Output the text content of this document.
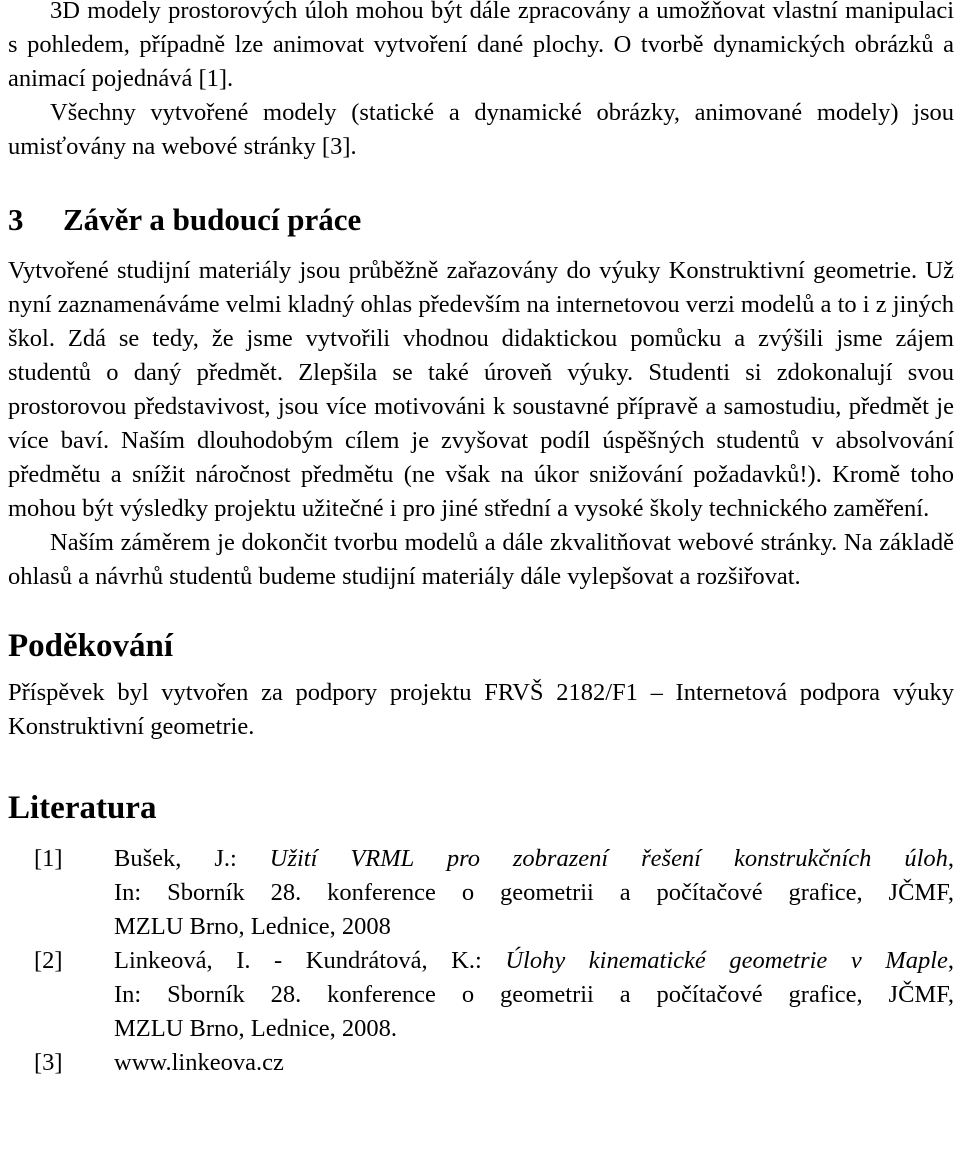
3D modely prostorových úloh mohou být dále zpracovány a umožňovat vlastní manipulaci s pohledem, případně lze animovat vytvoření dané plochy. O tvorbě dynamických obrázků a animací pojednává [1].

Všechny vytvořené modely (statické a dynamické obrázky, animované modely) jsou umisťovány na webové stránky [3].

3 Závěr a budoucí práce

Vytvořené studijní materiály jsou průběžně zařazovány do výuky Konstruktivní geometrie. Už nyní zaznamenáváme velmi kladný ohlas především na internetovou verzi modelů a to i z jiných škol. Zdá se tedy, že jsme vytvořili vhodnou didaktickou pomůcku a zvýšili jsme zájem studentů o daný předmět. Zlepšila se také úroveň výuky. Studenti si zdokonalují svou prostorovou představivost, jsou více motivováni k soustavné přípravě a samostudiu, předmět je více baví. Naším dlouhodobým cílem je zvyšovat podíl úspěšných studentů v absolvování předmětu a snížit náročnost předmětu (ne však na úkor snižování požadavků!). Kromě toho mohou být výsledky projektu užitečné i pro jiné střední a vysoké školy technického zaměření.

Naším záměrem je dokončit tvorbu modelů a dále zkvalitňovat webové stránky. Na základě ohlasů a návrhů studentů budeme studijní materiály dále vylepšovat a rozšiřovat.

Poděkování

Příspěvek byl vytvořen za podpory projektu FRVŠ 2182/F1 – Internetová podpora výuky Konstruktivní geometrie.

Literatura
[1] Bušek, J.: Užití VRML pro zobrazení řešení konstrukčních úloh,
In: Sborník 28. konference o geometrii a počítačové grafice, JČMF,
MZLU Brno, Lednice, 2008
[2] Linkeová, I. - Kundrátová, K.: Úlohy kinematické geometrie v Maple,
In: Sborník 28. konference o geometrii a počítačové grafice, JČMF,
MZLU Brno, Lednice, 2008.
[3] www.linkeova.cz
